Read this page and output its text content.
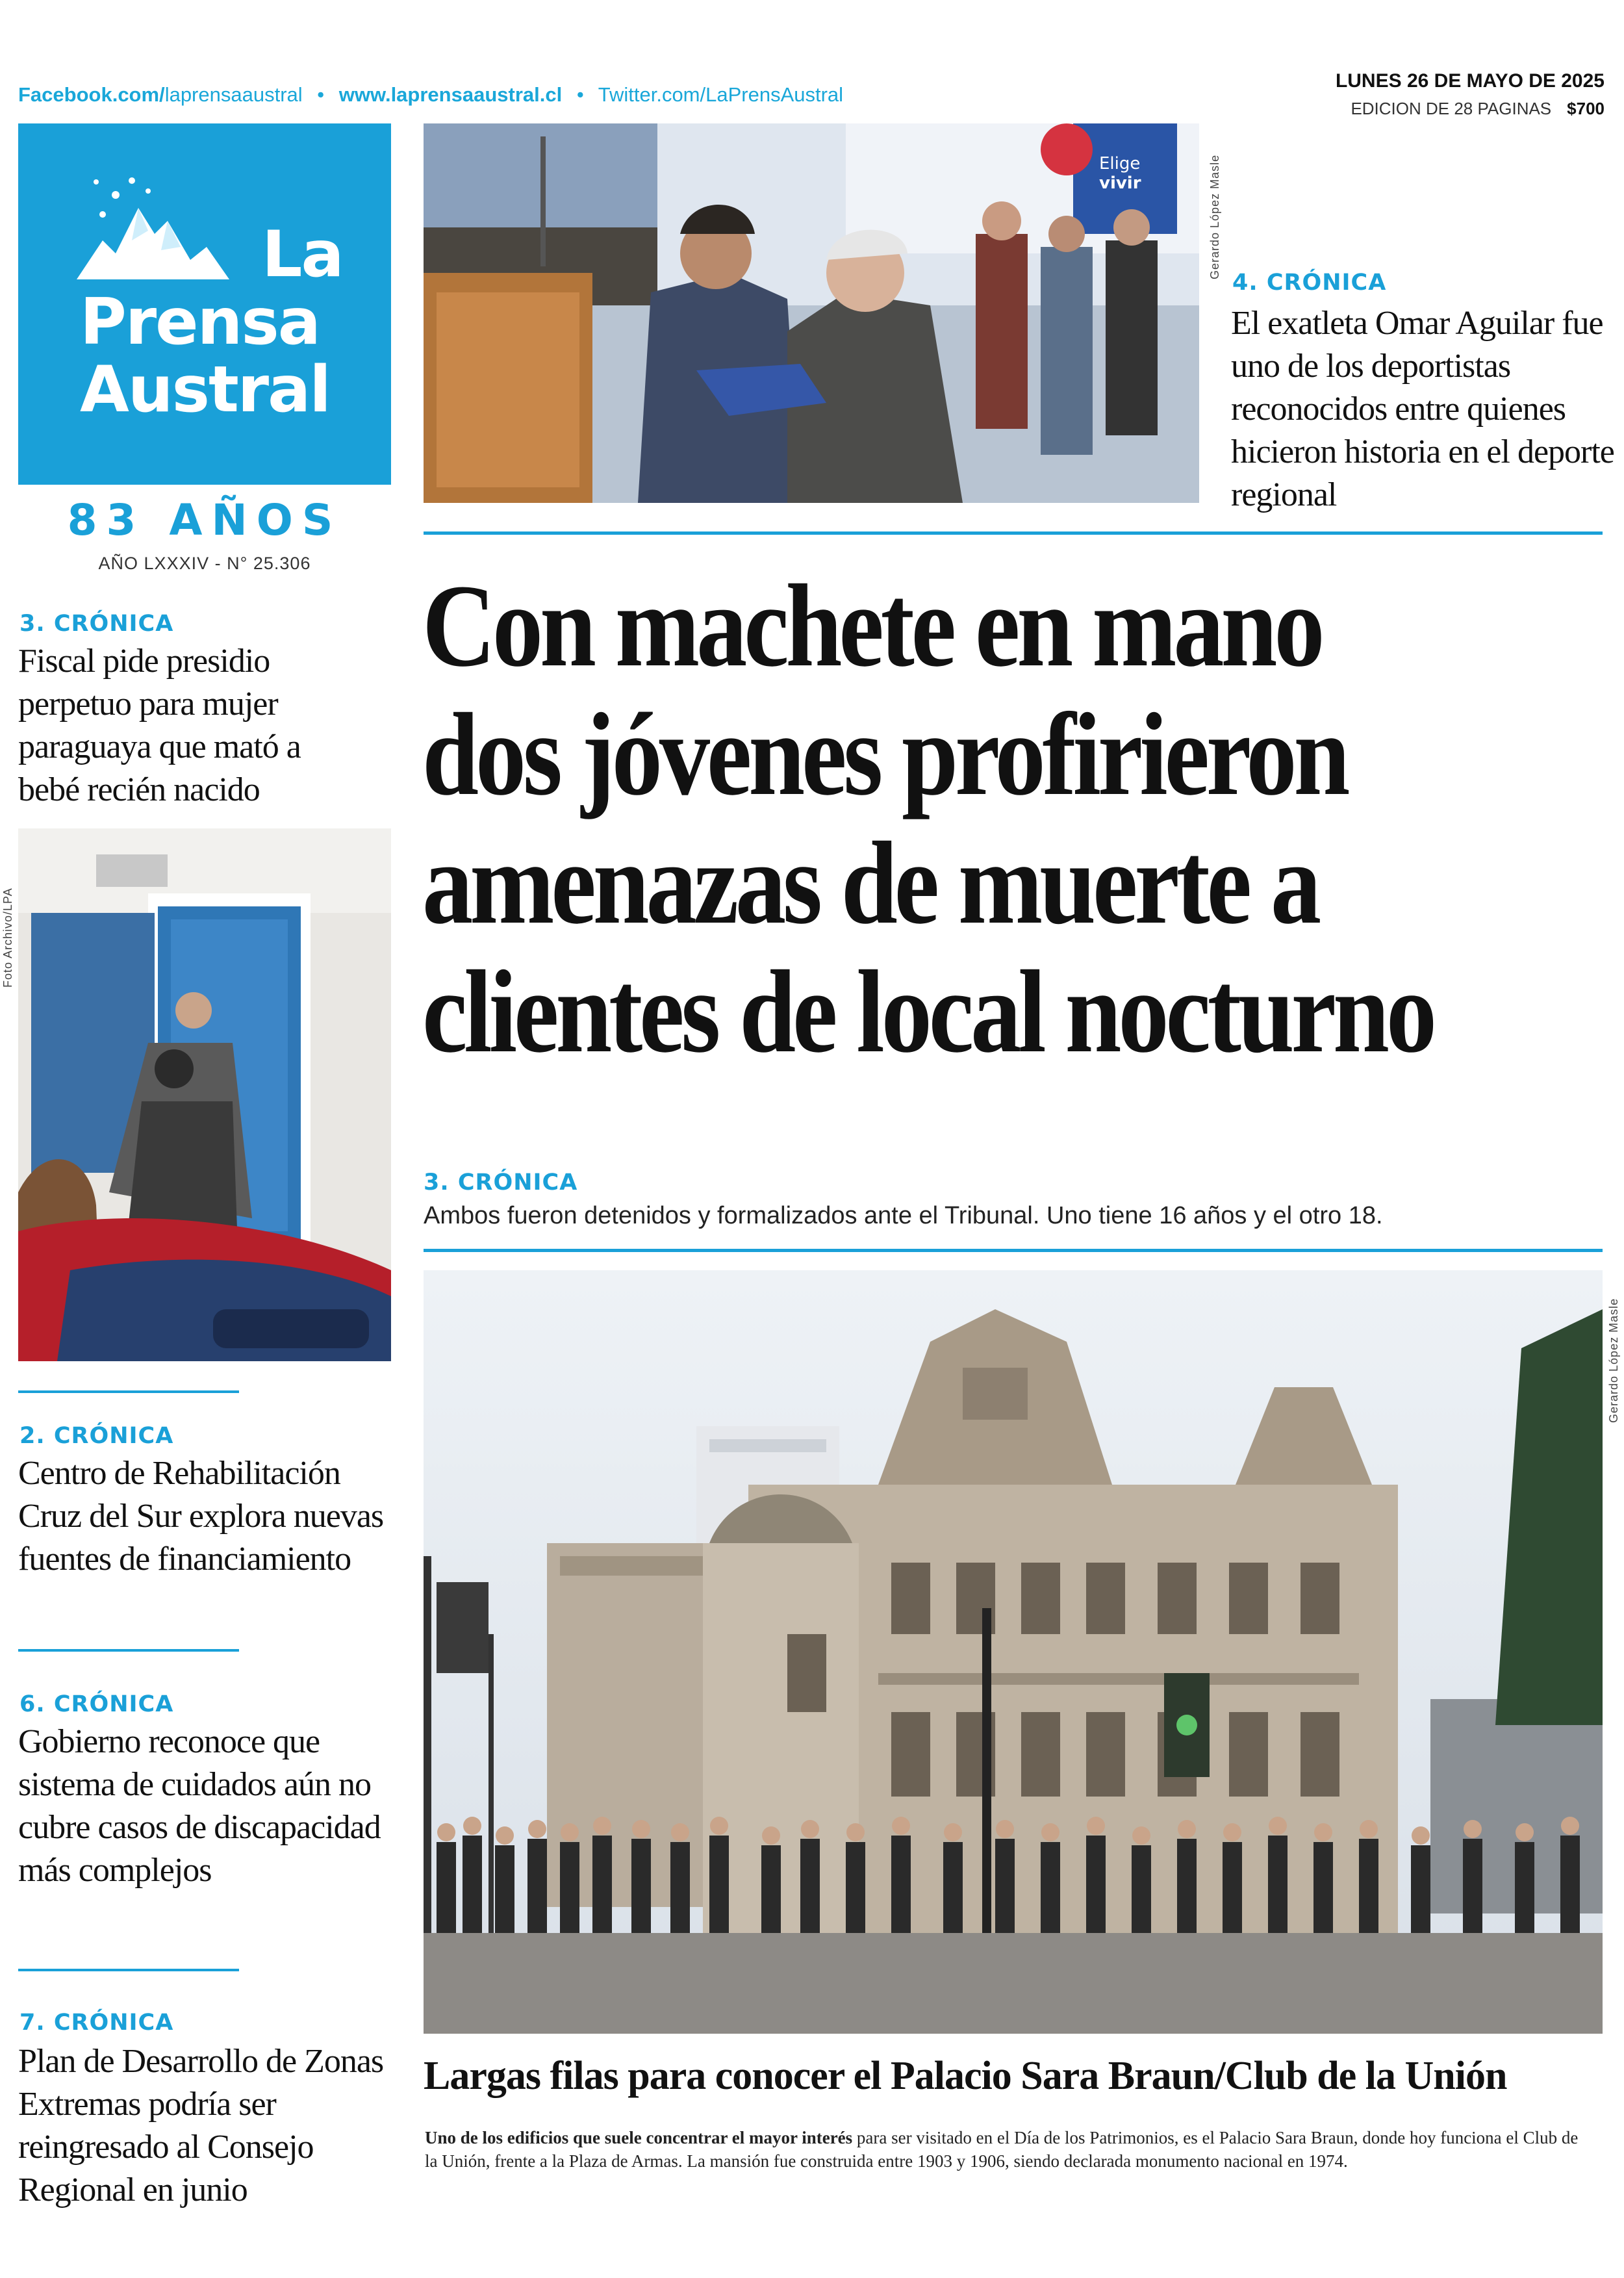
Facebook.com/laprensaaustral • www.laprensaaustral.cl • Twitter.com/LaPrensAustral
LUNES 26 DE MAYO DE 2025
EDICION DE 28 PAGINAS $700
La
Prensa
Austral
83 AÑOS
AÑO LXXXIV - N° 25.306
3. CRÓNICA
Fiscal pide presidio perpetuo para mujer paraguaya que mató a bebé recién nacido
Foto Archivo/LPA
2. CRÓNICA
Centro de Rehabilitación Cruz del Sur explora nuevas fuentes de financiamiento
6. CRÓNICA
Gobierno reconoce que sistema de cuidados aún no cubre casos de discapacidad más complejos
7. CRÓNICA
Plan de Desarrollo de Zonas Extremas podría ser reingresado al Consejo Regional en junio
Elige
vivir	Gerardo López Masle
4. CRÓNICA
El exatleta Omar Aguilar fue uno de los deportistas reconocidos entre quienes hicieron historia en el deporte regional
Con machete en mano
dos jóvenes profirieron
amenazas de muerte a
clientes de local nocturno
3. CRÓNICA
Ambos fueron detenidos y formalizados ante el Tribunal. Uno tiene 16 años y el otro 18.
Gerardo López Masle
Largas filas para conocer el Palacio Sara Braun/Club de la Unión
Uno de los edificios que suele concentrar el mayor interés para ser visitado en el Día de los Patrimonios, es el Palacio Sara Braun, donde hoy funciona el Club de la Unión, frente a la Plaza de Armas. La mansión fue construida entre 1903 y 1906, siendo declarada monumento nacional en 1974.
